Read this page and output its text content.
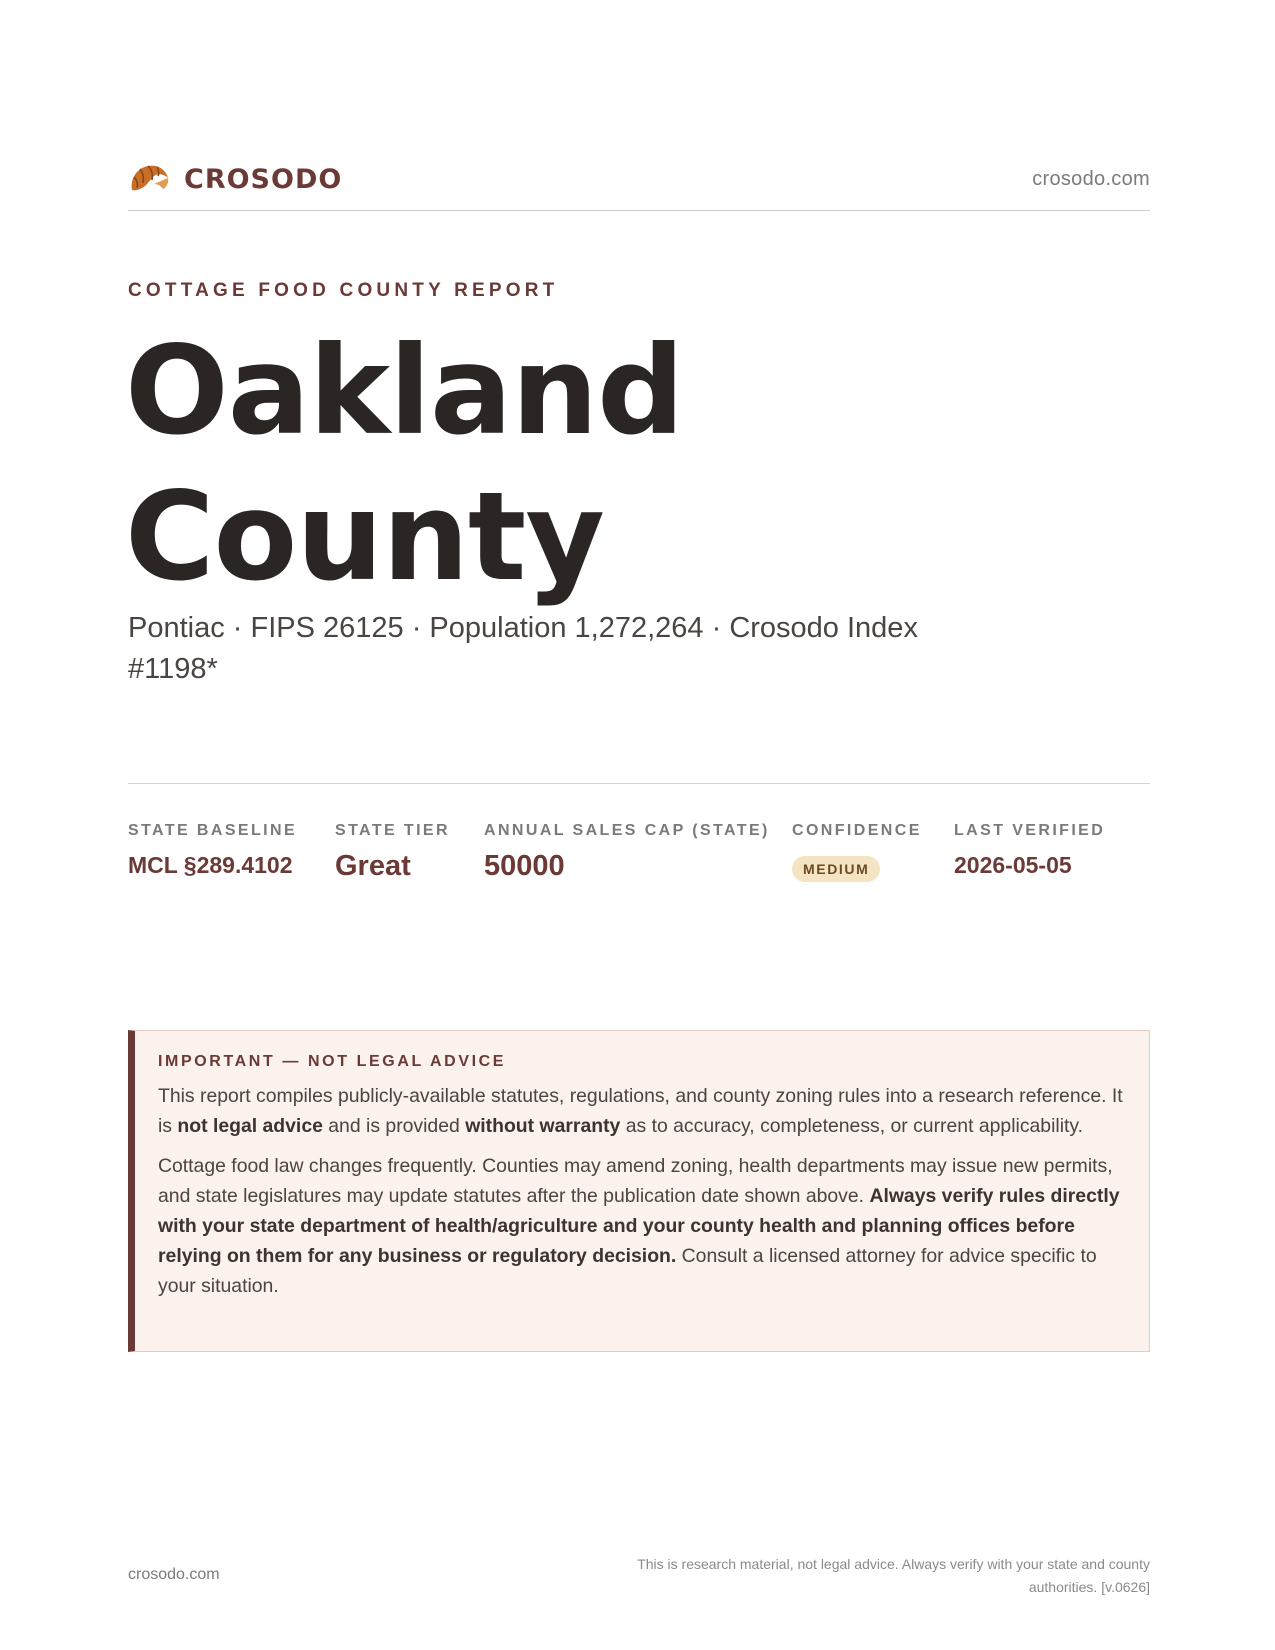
CROSODO	crosodo.com
COTTAGE FOOD COUNTY REPORT
Oakland County
Pontiac · FIPS 26125 · Population 1,272,264 · Crosodo Index #1198*
STATE BASELINE
MCL §289.4102
STATE TIER
Great
ANNUAL SALES CAP (STATE)
50000
CONFIDENCE
MEDIUM
LAST VERIFIED
2026-05-05
IMPORTANT — NOT LEGAL ADVICE

This report compiles publicly-available statutes, regulations, and county zoning rules into a research reference. It is not legal advice and is provided without warranty as to accuracy, completeness, or current applicability.

Cottage food law changes frequently. Counties may amend zoning, health departments may issue new permits, and state legislatures may update statutes after the publication date shown above. Always verify rules directly with your state department of health/agriculture and your county health and planning offices before relying on them for any business or regulatory decision. Consult a licensed attorney for advice specific to your situation.

crosodo.com
This is research material, not legal advice. Always verify with your state and county authorities. [v.0626]
